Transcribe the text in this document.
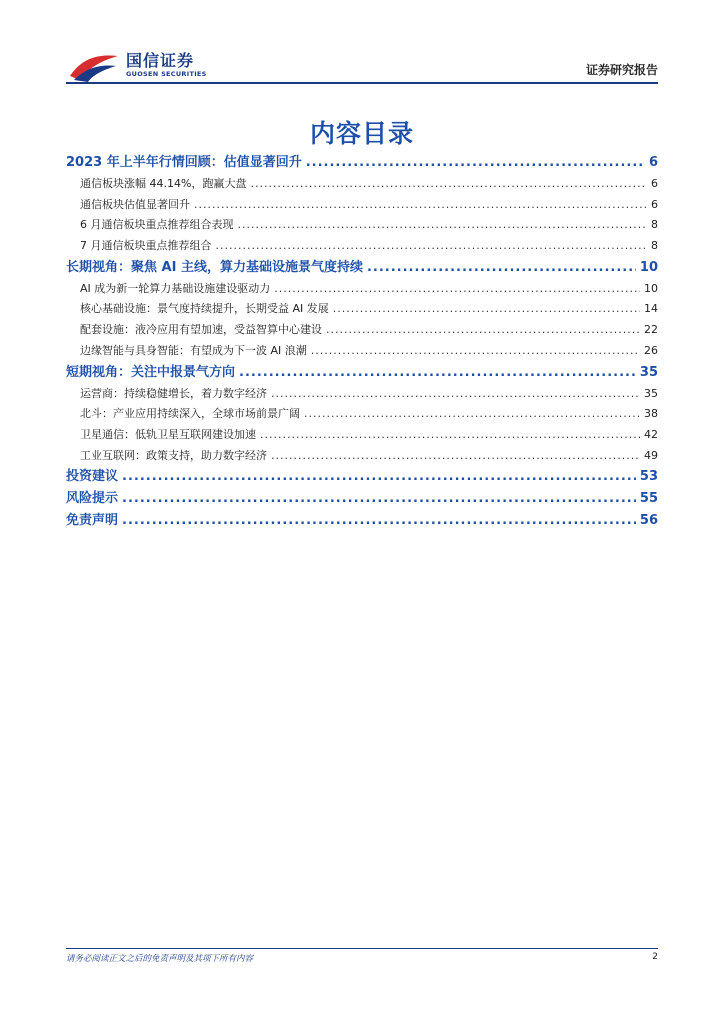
国信证券
GUOSEN SECURITIES	证券研究报告
内容目录
2023 年上半年行情回顾：估值显著回升 .....	6
通信板块涨幅 44.14%，跑赢大盘 .....	6
通信板块估值显著回升 .....	6
6 月通信板块重点推荐组合表现 .....	8
7 月通信板块重点推荐组合 .....	8
长期视角：聚焦 AI 主线，算力基础设施景气度持续 .....	10
AI 成为新一轮算力基础设施建设驱动力 .....	10
核心基础设施：景气度持续提升，长期受益 AI 发展 .....	14
配套设施：液冷应用有望加速，受益智算中心建设 .....	22
边缘智能与具身智能：有望成为下一波 AI 浪潮 .....	26
短期视角：关注中报景气方向 .....	35
运营商：持续稳健增长，着力数字经济 .....	35
北斗：产业应用持续深入，全球市场前景广阔 .....	38
卫星通信：低轨卫星互联网建设加速 .....	42
工业互联网：政策支持，助力数字经济 .....	49
投资建议 .....	53
风险提示 .....	55
免责声明 .....	56
请务必阅读正文之后的免责声明及其项下所有内容	2
